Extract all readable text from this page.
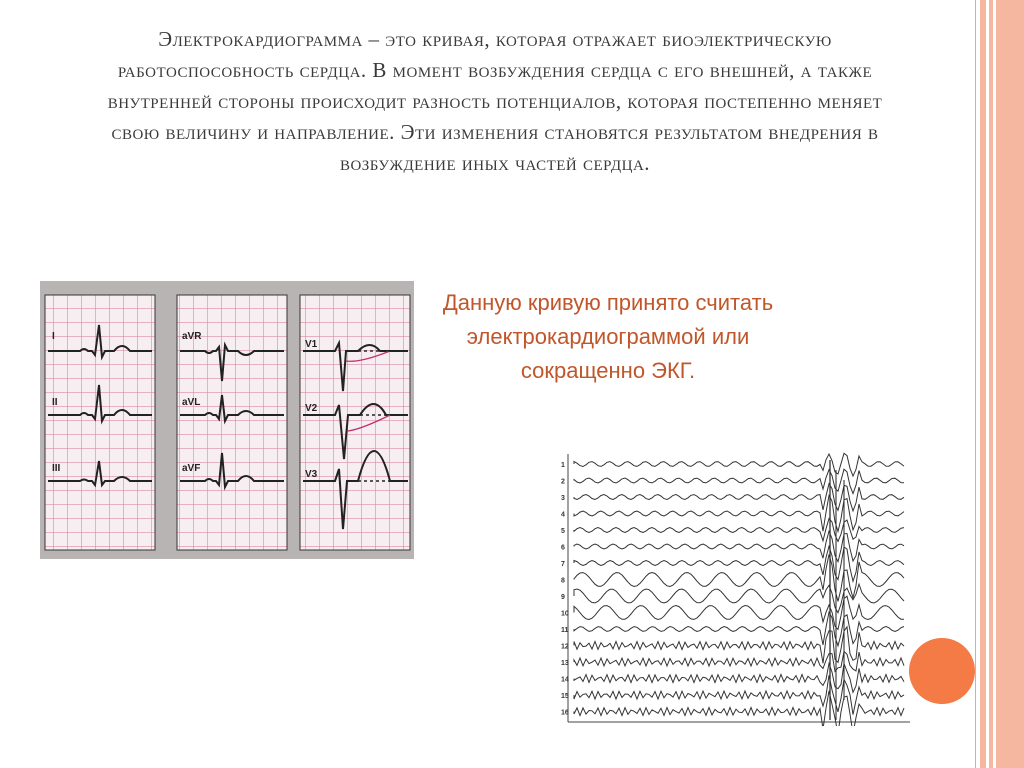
Электрокардиограмма – это кривая, которая отражает биоэлектрическую работоспособность сердца. В момент возбуждения сердца с его внешней, а также внутренней стороны происходит разность потенциалов, которая постепенно меняет свою величину и направление. Эти изменения становятся результатом внедрения в возбуждение иных частей сердца.
Данную кривую принято считать электрокардиограммой или сокращенно ЭКГ.
I
II
III
aVR
aVL
aVF
V1
V2
V3
1
2
3
4
5
6
7
8
9
10
11
12
13
14
15
16
